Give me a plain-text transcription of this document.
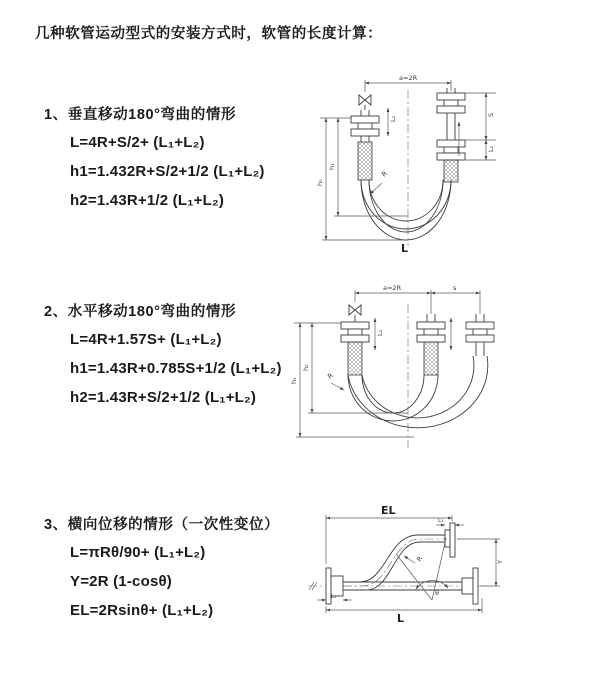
几种软管运动型式的安装方式时，软管的长度计算：
1、垂直移动180°弯曲的情形
L=4R+S/2+ (L₁+L₂)
h1=1.432R+S/2+1/2 (L₁+L₂)
h2=1.43R+1/2 (L₁+L₂)
a=2R
h₁
h₂
L₁
S
L₁
R
L
2、水平移动180°弯曲的情形
L=4R+1.57S+ (L₁+L₂)
h1=1.43R+0.785S+1/2 (L₁+L₂)
h2=1.43R+S/2+1/2 (L₁+L₂)
a=2R	s
h₂
h₁
L₁
R
3、横向位移的情形（一次性变位）
L=πRθ/90+ (L₁+L₂)
Y=2R (1-cosθ)
EL=2Rsinθ+ (L₁+L₂)
EL
L₁
Y
L
L₁	θ
R
